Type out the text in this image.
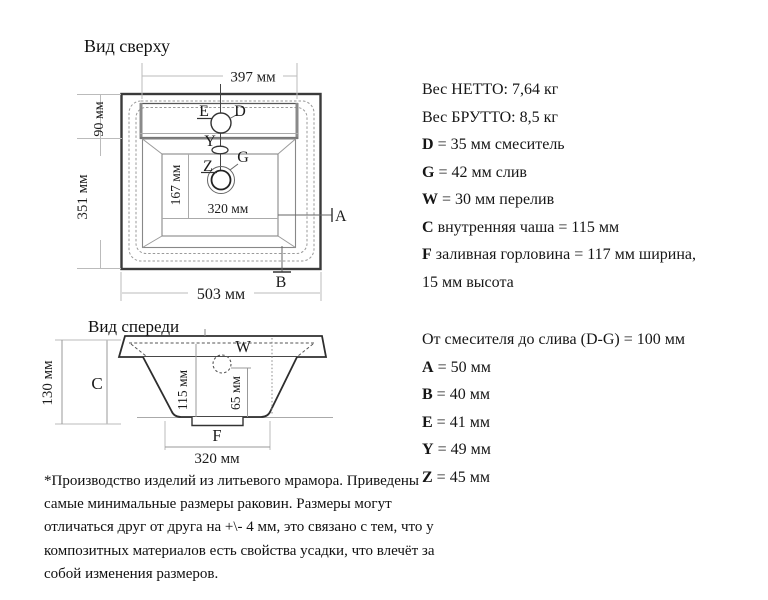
Вид сверху
E D
Y
Z
G
397 мм
503 мм
351 мм
90 мм
167 мм
320 мм	A
B
Вид спереди
65 мм
115 мм
C
130 мм
W
F
320 мм
Вес НЕТТО: 7,64 кг
Вес БРУТТО: 8,5 кг
D = 35 мм смеситель
G = 42 мм слив
W = 30 мм перелив
C внутренняя чаша = 115 мм
F заливная горловина = 117 мм ширина,
15 мм высота
От смесителя до слива (D-G) = 100 мм
A = 50 мм
B = 40 мм
E = 41 мм
Y = 49 мм
Z = 45 мм
*Производство изделий из литьевого мрамора. Приведены
самые минимальные размеры раковин. Размеры могут
отличаться друг от друга на +\- 4 мм, это связано с тем, что у
композитных материалов есть свойства усадки, что влечёт за
собой изменения размеров.
